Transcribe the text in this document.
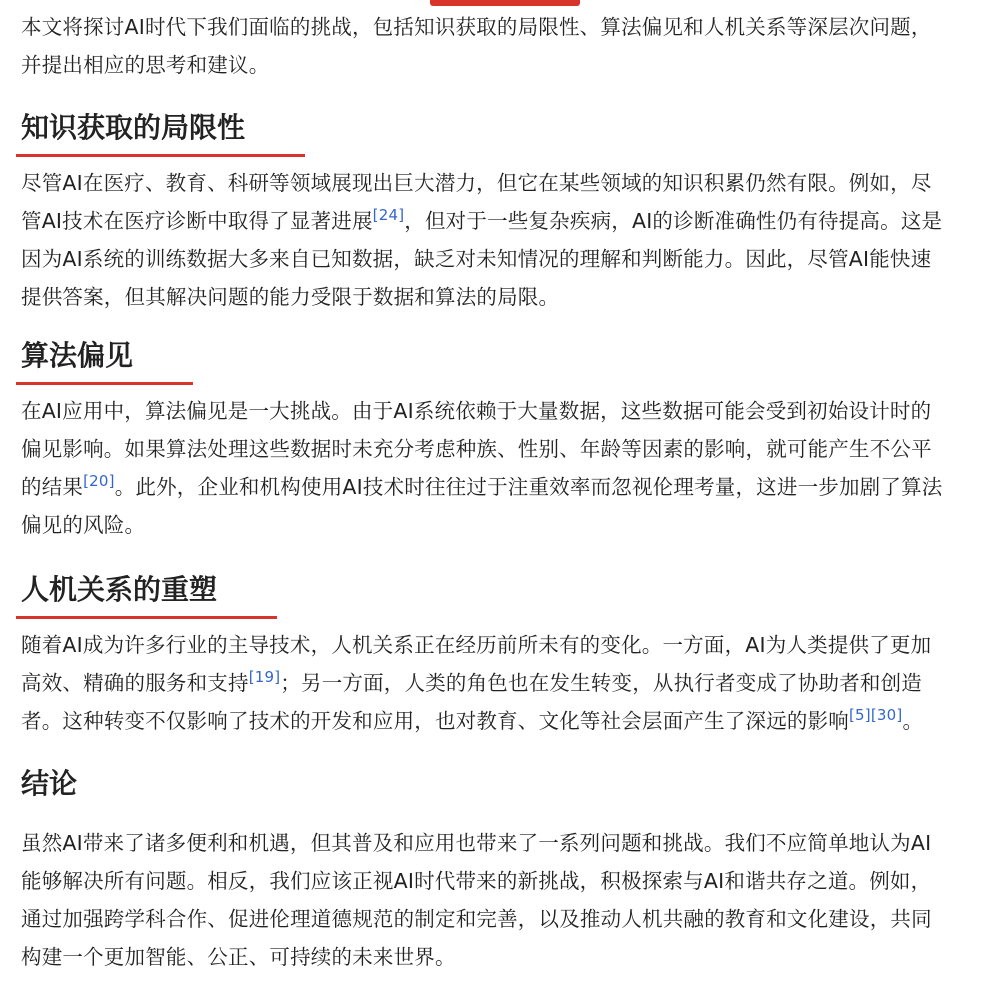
本文将探讨AI时代下我们面临的挑战，包括知识获取的局限性、算法偏见和人机关系等深层次问题，并提出相应的思考和建议。

知识获取的局限性

尽管AI在医疗、教育、科研等领域展现出巨大潜力，但它在某些领域的知识积累仍然有限。例如，尽管AI技术在医疗诊断中取得了显著进展[24]，但对于一些复杂疾病，AI的诊断准确性仍有待提高。这是因为AI系统的训练数据大多来自已知数据，缺乏对未知情况的理解和判断能力。因此，尽管AI能快速提供答案，但其解决问题的能力受限于数据和算法的局限。

算法偏见

在AI应用中，算法偏见是一大挑战。由于AI系统依赖于大量数据，这些数据可能会受到初始设计时的偏见影响。如果算法处理这些数据时未充分考虑种族、性别、年龄等因素的影响，就可能产生不公平的结果[20]。此外，企业和机构使用AI技术时往往过于注重效率而忽视伦理考量，这进一步加剧了算法偏见的风险。

人机关系的重塑

随着AI成为许多行业的主导技术，人机关系正在经历前所未有的变化。一方面，AI为人类提供了更加高效、精确的服务和支持[19]；另一方面，人类的角色也在发生转变，从执行者变成了协助者和创造者。这种转变不仅影响了技术的开发和应用，也对教育、文化等社会层面产生了深远的影响[5][30]。

结论

虽然AI带来了诸多便利和机遇，但其普及和应用也带来了一系列问题和挑战。我们不应简单地认为AI能够解决所有问题。相反，我们应该正视AI时代带来的新挑战，积极探索与AI和谐共存之道。例如，通过加强跨学科合作、促进伦理道德规范的制定和完善，以及推动人机共融的教育和文化建设，共同构建一个更加智能、公正、可持续的未来世界。
